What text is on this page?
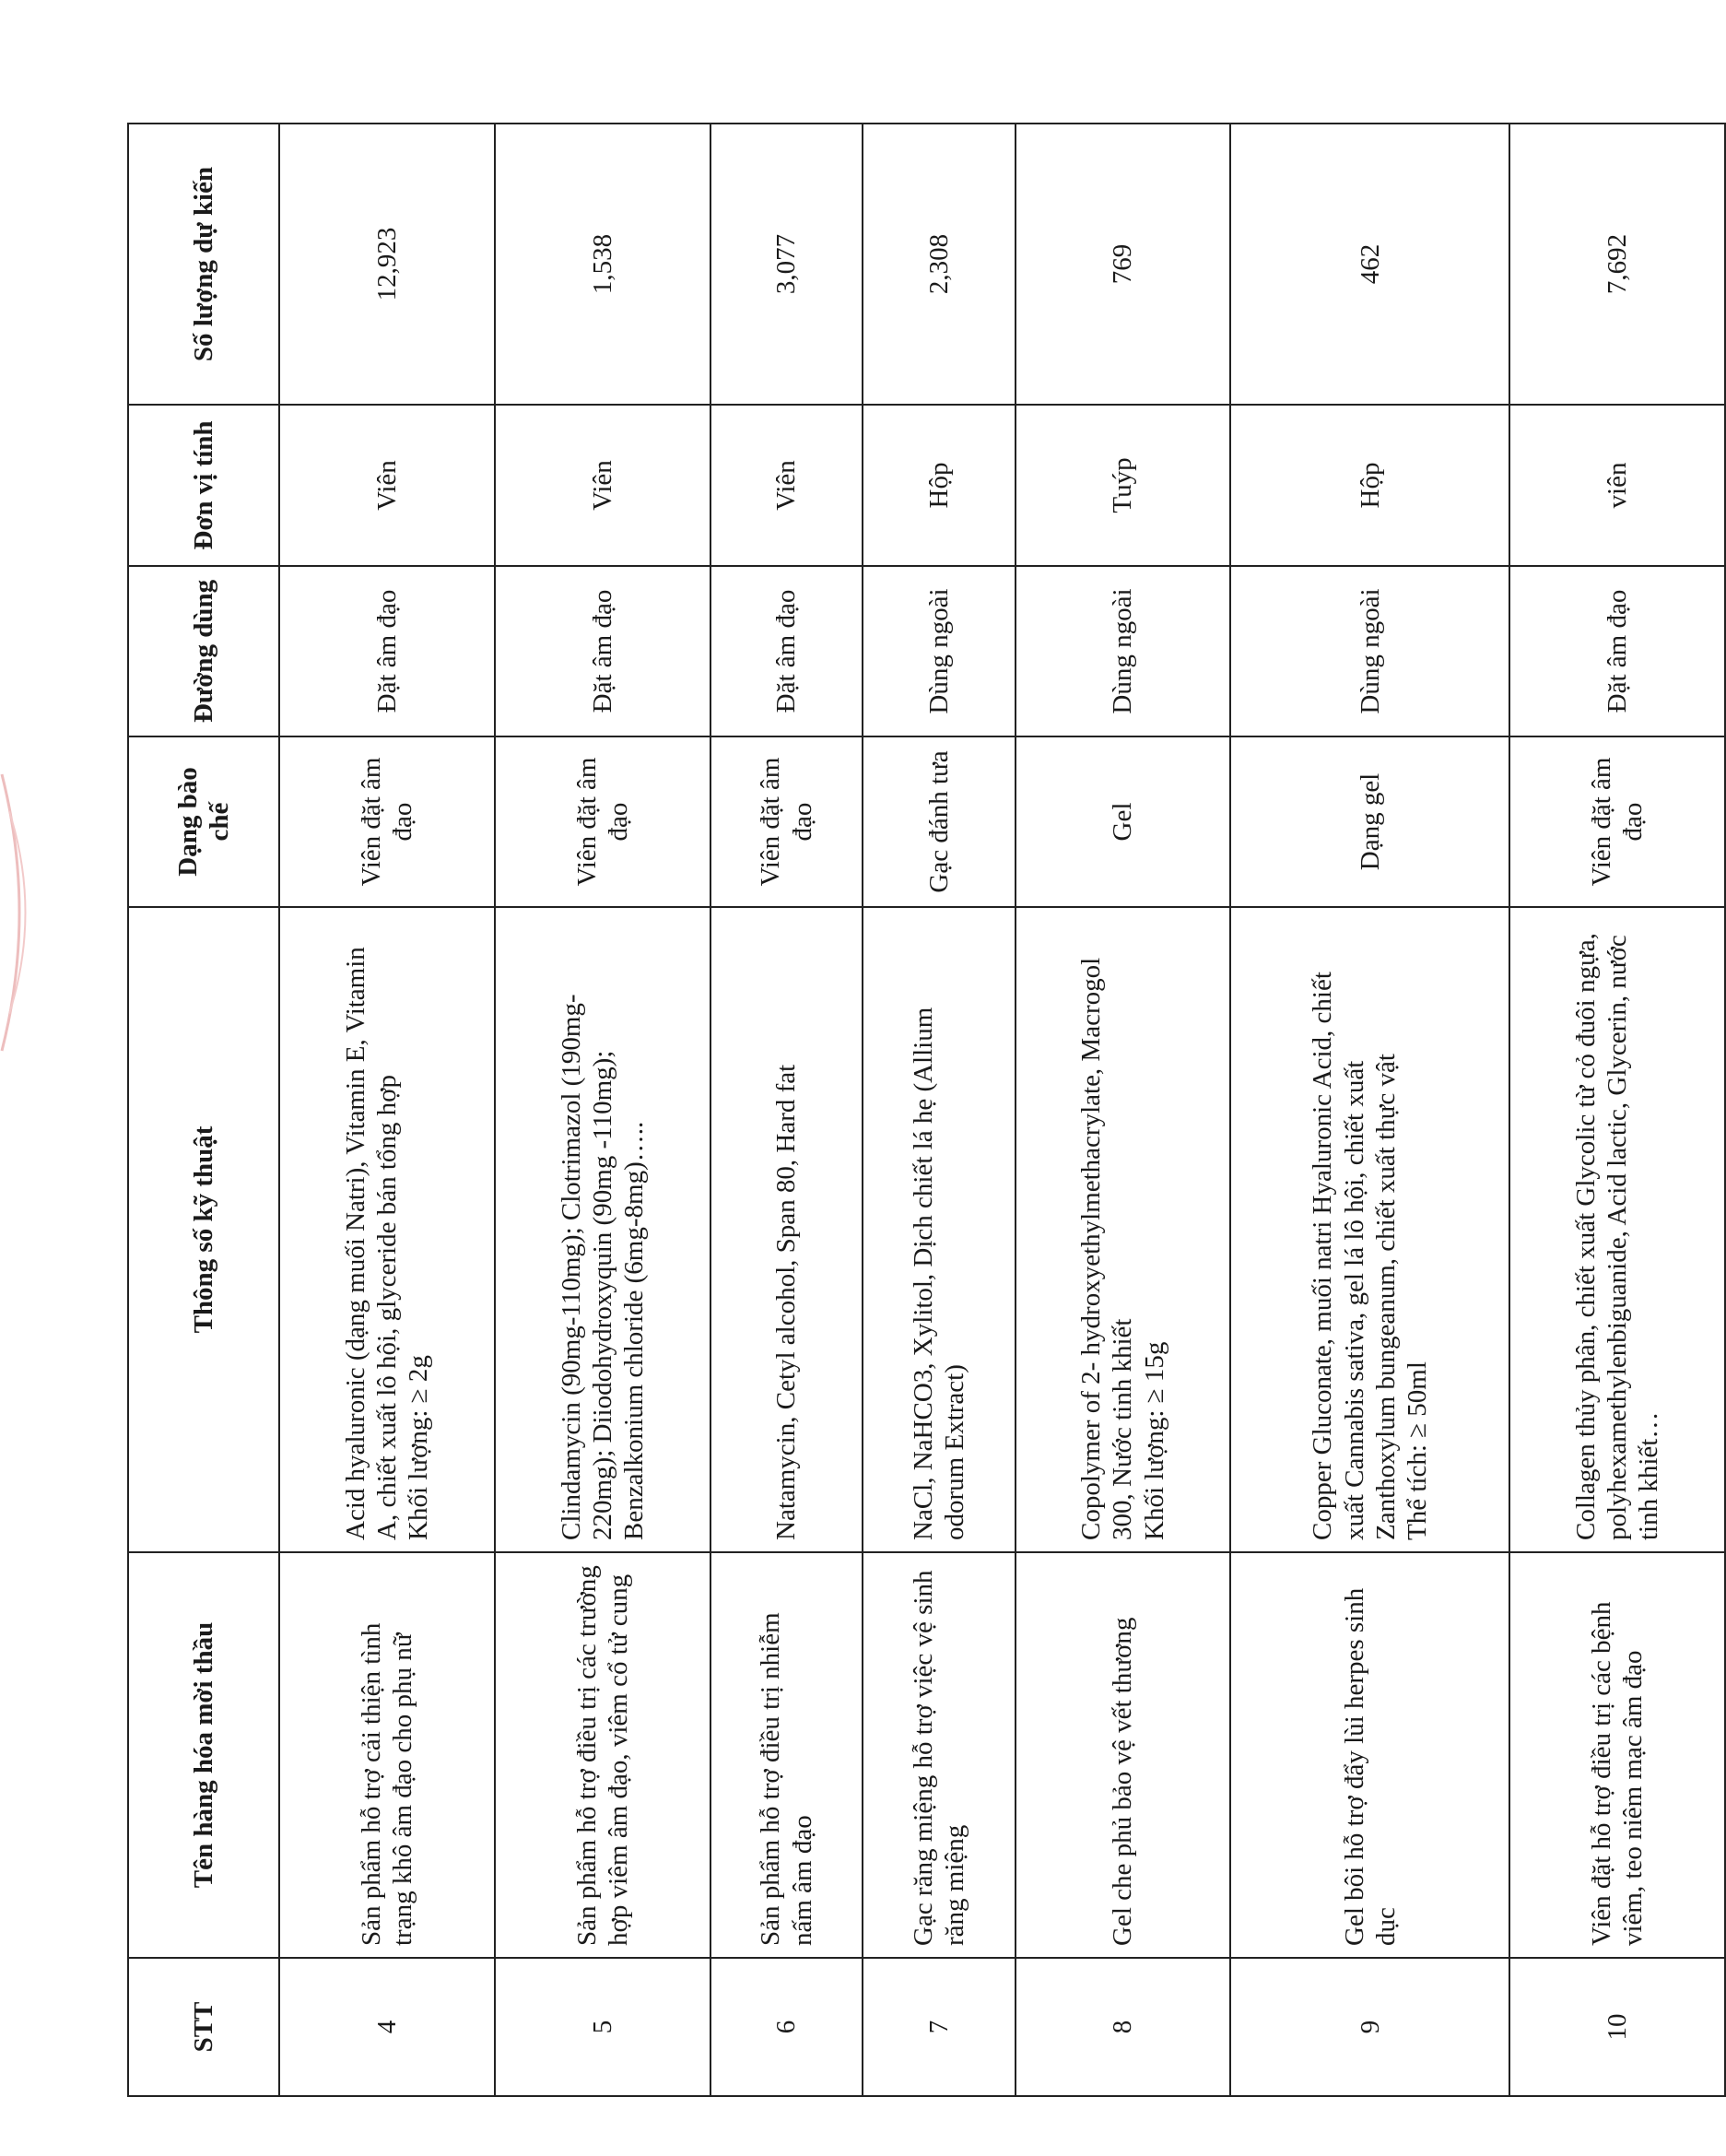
STT	Tên hàng hóa mời thầu	Thông số kỹ thuật	Dạng bào chế	Đường dùng	Đơn vị tính	Số lượng dự kiến
4	Sản phẩm hỗ trợ cải thiện tình trạng khô âm đạo cho phụ nữ	Acid hyaluronic (dạng muối Natri), Vitamin E, Vitamin A, chiết xuất lô hội, glyceride bán tổng hợp Khối lượng: ≥ 2g	Viên đặt âm đạo	Đặt âm đạo	Viên	12,923
5	Sản phẩm hỗ trợ điều trị các trường hợp viêm âm đạo, viêm cổ tử cung	Clindamycin (90mg-110mg); Clotrimazol (190mg-220mg); Diiodohydroxyquin (90mg -110mg); Benzalkonium chloride (6mg-8mg)…..	Viên đặt âm đạo	Đặt âm đạo	Viên	1,538
6	Sản phẩm hỗ trợ điều trị nhiễm nấm âm đạo	Natamycin, Cetyl alcohol, Span 80, Hard fat	Viên đặt âm đạo	Đặt âm đạo	Viên	3,077
7	Gạc răng miệng hỗ trợ việc vệ sinh răng miệng	NaCl, NaHCO3, Xylitol, Dịch chiết lá hẹ (Allium odorum Extract)	Gạc đánh tưa	Dùng ngoài	Hộp	2,308
8	Gel che phủ bảo vệ vết thương	Copolymer of 2- hydroxyethylmethacrylate, Macrogol 300, Nước tinh khiết Khối lượng: ≥ 15g	Gel	Dùng ngoài	Tuýp	769
9	Gel bôi hỗ trợ đẩy lùi herpes sinh dục	Copper Gluconate, muối natri Hyaluronic Acid, chiết xuất Cannabis sativa, gel lá lô hội, chiết xuất Zanthoxylum bungeanum, chiết xuất thực vật Thể tích: ≥ 50ml	Dạng gel	Dùng ngoài	Hộp	462
10	Viên đặt hỗ trợ điều trị các bệnh viêm, teo niêm mạc âm đạo	Collagen thủy phân, chiết xuất Glycolic từ cỏ đuôi ngựa, polyhexamethylenbiguanide, Acid lactic, Glycerin, nước tinh khiết…	Viên đặt âm đạo	Đặt âm đạo	viên	7,692
